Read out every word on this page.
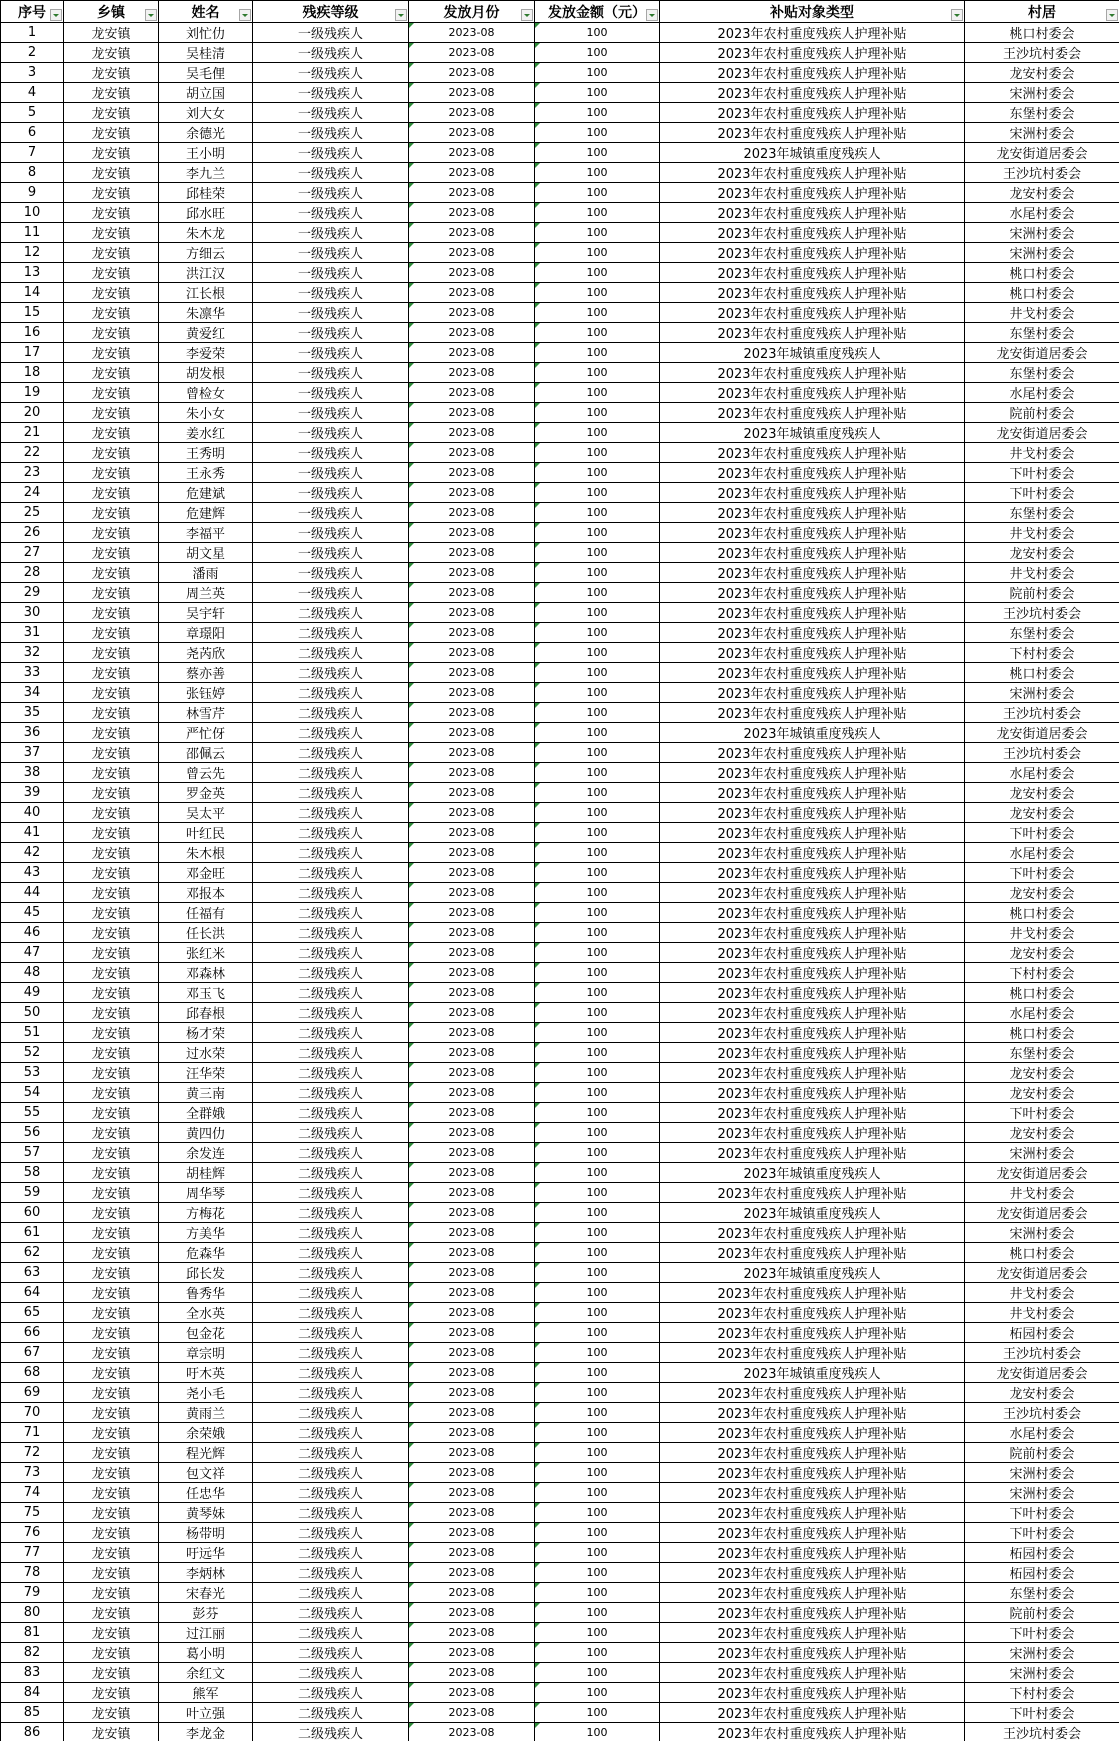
序号	乡镇	姓名	残疾等级	发放月份	发放金额（元）	补贴对象类型	村居

1	龙安镇	刘忙仂	一级残疾人	2023-08	100	2023年农村重度残疾人护理补贴	桃口村委会
2	龙安镇	吴桂清	一级残疾人	2023-08	100	2023年农村重度残疾人护理补贴	王沙坑村委会
3	龙安镇	吴毛俚	一级残疾人	2023-08	100	2023年农村重度残疾人护理补贴	龙安村委会
4	龙安镇	胡立国	一级残疾人	2023-08	100	2023年农村重度残疾人护理补贴	宋洲村委会
5	龙安镇	刘大女	一级残疾人	2023-08	100	2023年农村重度残疾人护理补贴	东堡村委会
6	龙安镇	余德光	一级残疾人	2023-08	100	2023年农村重度残疾人护理补贴	宋洲村委会
7	龙安镇	王小明	一级残疾人	2023-08	100	2023年城镇重度残疾人	龙安街道居委会
8	龙安镇	李九兰	一级残疾人	2023-08	100	2023年农村重度残疾人护理补贴	王沙坑村委会
9	龙安镇	邱桂荣	一级残疾人	2023-08	100	2023年农村重度残疾人护理补贴	龙安村委会
10	龙安镇	邱水旺	一级残疾人	2023-08	100	2023年农村重度残疾人护理补贴	水尾村委会
11	龙安镇	朱木龙	一级残疾人	2023-08	100	2023年农村重度残疾人护理补贴	宋洲村委会
12	龙安镇	方细云	一级残疾人	2023-08	100	2023年农村重度残疾人护理补贴	宋洲村委会
13	龙安镇	洪江汉	一级残疾人	2023-08	100	2023年农村重度残疾人护理补贴	桃口村委会
14	龙安镇	江长根	一级残疾人	2023-08	100	2023年农村重度残疾人护理补贴	桃口村委会
15	龙安镇	朱凛华	一级残疾人	2023-08	100	2023年农村重度残疾人护理补贴	井戈村委会
16	龙安镇	黄爱红	一级残疾人	2023-08	100	2023年农村重度残疾人护理补贴	东堡村委会
17	龙安镇	李爱荣	一级残疾人	2023-08	100	2023年城镇重度残疾人	龙安街道居委会
18	龙安镇	胡发根	一级残疾人	2023-08	100	2023年农村重度残疾人护理补贴	东堡村委会
19	龙安镇	曾检女	一级残疾人	2023-08	100	2023年农村重度残疾人护理补贴	水尾村委会
20	龙安镇	朱小女	一级残疾人	2023-08	100	2023年农村重度残疾人护理补贴	院前村委会
21	龙安镇	姜水红	一级残疾人	2023-08	100	2023年城镇重度残疾人	龙安街道居委会
22	龙安镇	王秀明	一级残疾人	2023-08	100	2023年农村重度残疾人护理补贴	井戈村委会
23	龙安镇	王永秀	一级残疾人	2023-08	100	2023年农村重度残疾人护理补贴	下叶村委会
24	龙安镇	危建斌	一级残疾人	2023-08	100	2023年农村重度残疾人护理补贴	下叶村委会
25	龙安镇	危建辉	一级残疾人	2023-08	100	2023年农村重度残疾人护理补贴	东堡村委会
26	龙安镇	李福平	一级残疾人	2023-08	100	2023年农村重度残疾人护理补贴	井戈村委会
27	龙安镇	胡文星	一级残疾人	2023-08	100	2023年农村重度残疾人护理补贴	龙安村委会
28	龙安镇	潘雨	一级残疾人	2023-08	100	2023年农村重度残疾人护理补贴	井戈村委会
29	龙安镇	周兰英	一级残疾人	2023-08	100	2023年农村重度残疾人护理补贴	院前村委会
30	龙安镇	吴宇轩	二级残疾人	2023-08	100	2023年农村重度残疾人护理补贴	王沙坑村委会
31	龙安镇	章璟阳	二级残疾人	2023-08	100	2023年农村重度残疾人护理补贴	东堡村委会
32	龙安镇	尧芮欣	二级残疾人	2023-08	100	2023年农村重度残疾人护理补贴	下村村委会
33	龙安镇	蔡亦善	二级残疾人	2023-08	100	2023年农村重度残疾人护理补贴	桃口村委会
34	龙安镇	张钰婷	二级残疾人	2023-08	100	2023年农村重度残疾人护理补贴	宋洲村委会
35	龙安镇	林雪芹	二级残疾人	2023-08	100	2023年农村重度残疾人护理补贴	王沙坑村委会
36	龙安镇	严忙伢	二级残疾人	2023-08	100	2023年城镇重度残疾人	龙安街道居委会
37	龙安镇	邵佩云	二级残疾人	2023-08	100	2023年农村重度残疾人护理补贴	王沙坑村委会
38	龙安镇	曾云先	二级残疾人	2023-08	100	2023年农村重度残疾人护理补贴	水尾村委会
39	龙安镇	罗金英	二级残疾人	2023-08	100	2023年农村重度残疾人护理补贴	龙安村委会
40	龙安镇	吴太平	二级残疾人	2023-08	100	2023年农村重度残疾人护理补贴	龙安村委会
41	龙安镇	叶红民	二级残疾人	2023-08	100	2023年农村重度残疾人护理补贴	下叶村委会
42	龙安镇	朱木根	二级残疾人	2023-08	100	2023年农村重度残疾人护理补贴	水尾村委会
43	龙安镇	邓金旺	二级残疾人	2023-08	100	2023年农村重度残疾人护理补贴	下叶村委会
44	龙安镇	邓报本	二级残疾人	2023-08	100	2023年农村重度残疾人护理补贴	龙安村委会
45	龙安镇	任福有	二级残疾人	2023-08	100	2023年农村重度残疾人护理补贴	桃口村委会
46	龙安镇	任长洪	二级残疾人	2023-08	100	2023年农村重度残疾人护理补贴	井戈村委会
47	龙安镇	张红米	二级残疾人	2023-08	100	2023年农村重度残疾人护理补贴	龙安村委会
48	龙安镇	邓森林	二级残疾人	2023-08	100	2023年农村重度残疾人护理补贴	下村村委会
49	龙安镇	邓玉飞	二级残疾人	2023-08	100	2023年农村重度残疾人护理补贴	桃口村委会
50	龙安镇	邱春根	二级残疾人	2023-08	100	2023年农村重度残疾人护理补贴	水尾村委会
51	龙安镇	杨才荣	二级残疾人	2023-08	100	2023年农村重度残疾人护理补贴	桃口村委会
52	龙安镇	过水荣	二级残疾人	2023-08	100	2023年农村重度残疾人护理补贴	东堡村委会
53	龙安镇	汪华荣	二级残疾人	2023-08	100	2023年农村重度残疾人护理补贴	龙安村委会
54	龙安镇	黄三南	二级残疾人	2023-08	100	2023年农村重度残疾人护理补贴	龙安村委会
55	龙安镇	全群娥	二级残疾人	2023-08	100	2023年农村重度残疾人护理补贴	下叶村委会
56	龙安镇	黄四仂	二级残疾人	2023-08	100	2023年农村重度残疾人护理补贴	龙安村委会
57	龙安镇	余发连	二级残疾人	2023-08	100	2023年农村重度残疾人护理补贴	宋洲村委会
58	龙安镇	胡桂辉	二级残疾人	2023-08	100	2023年城镇重度残疾人	龙安街道居委会
59	龙安镇	周华琴	二级残疾人	2023-08	100	2023年农村重度残疾人护理补贴	井戈村委会
60	龙安镇	方梅花	二级残疾人	2023-08	100	2023年城镇重度残疾人	龙安街道居委会
61	龙安镇	方美华	二级残疾人	2023-08	100	2023年农村重度残疾人护理补贴	宋洲村委会
62	龙安镇	危森华	二级残疾人	2023-08	100	2023年农村重度残疾人护理补贴	桃口村委会
63	龙安镇	邱长发	二级残疾人	2023-08	100	2023年城镇重度残疾人	龙安街道居委会
64	龙安镇	鲁秀华	二级残疾人	2023-08	100	2023年农村重度残疾人护理补贴	井戈村委会
65	龙安镇	全水英	二级残疾人	2023-08	100	2023年农村重度残疾人护理补贴	井戈村委会
66	龙安镇	包金花	二级残疾人	2023-08	100	2023年农村重度残疾人护理补贴	柘园村委会
67	龙安镇	章宗明	二级残疾人	2023-08	100	2023年农村重度残疾人护理补贴	王沙坑村委会
68	龙安镇	吁木英	二级残疾人	2023-08	100	2023年城镇重度残疾人	龙安街道居委会
69	龙安镇	尧小毛	二级残疾人	2023-08	100	2023年农村重度残疾人护理补贴	龙安村委会
70	龙安镇	黄雨兰	二级残疾人	2023-08	100	2023年农村重度残疾人护理补贴	王沙坑村委会
71	龙安镇	余荣娥	二级残疾人	2023-08	100	2023年农村重度残疾人护理补贴	水尾村委会
72	龙安镇	程光辉	二级残疾人	2023-08	100	2023年农村重度残疾人护理补贴	院前村委会
73	龙安镇	包文祥	二级残疾人	2023-08	100	2023年农村重度残疾人护理补贴	宋洲村委会
74	龙安镇	任忠华	二级残疾人	2023-08	100	2023年农村重度残疾人护理补贴	宋洲村委会
75	龙安镇	黄琴妹	二级残疾人	2023-08	100	2023年农村重度残疾人护理补贴	下叶村委会
76	龙安镇	杨带明	二级残疾人	2023-08	100	2023年农村重度残疾人护理补贴	下叶村委会
77	龙安镇	吁远华	二级残疾人	2023-08	100	2023年农村重度残疾人护理补贴	柘园村委会
78	龙安镇	李炳林	二级残疾人	2023-08	100	2023年农村重度残疾人护理补贴	柘园村委会
79	龙安镇	宋春光	二级残疾人	2023-08	100	2023年农村重度残疾人护理补贴	东堡村委会
80	龙安镇	彭芬	二级残疾人	2023-08	100	2023年农村重度残疾人护理补贴	院前村委会
81	龙安镇	过江丽	二级残疾人	2023-08	100	2023年农村重度残疾人护理补贴	下叶村委会
82	龙安镇	葛小明	二级残疾人	2023-08	100	2023年农村重度残疾人护理补贴	宋洲村委会
83	龙安镇	余红文	二级残疾人	2023-08	100	2023年农村重度残疾人护理补贴	宋洲村委会
84	龙安镇	熊军	二级残疾人	2023-08	100	2023年农村重度残疾人护理补贴	下村村委会
85	龙安镇	叶立强	二级残疾人	2023-08	100	2023年农村重度残疾人护理补贴	下叶村委会
86	龙安镇	李龙金	二级残疾人	2023-08	100	2023年农村重度残疾人护理补贴	王沙坑村委会
